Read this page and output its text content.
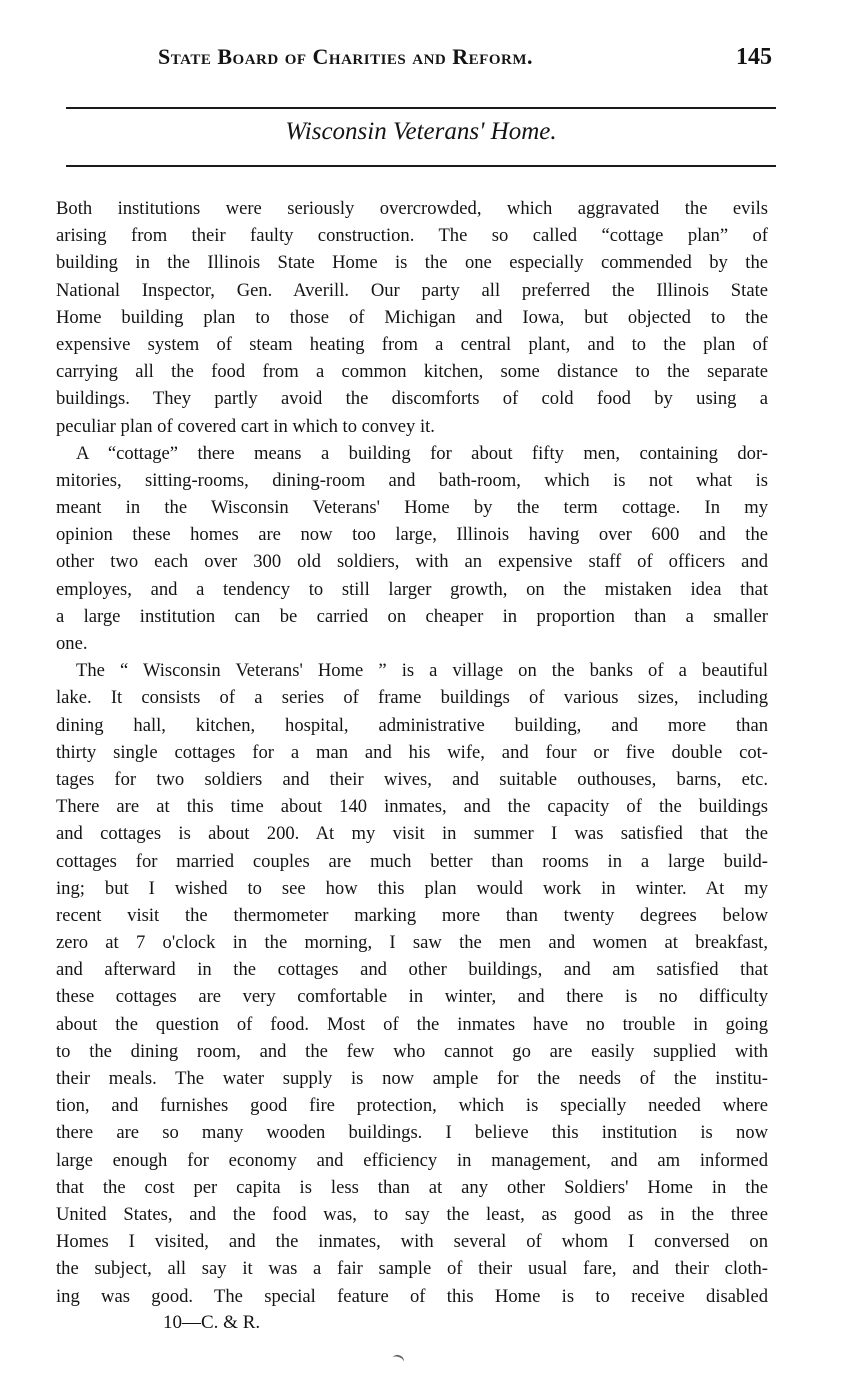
State Board of Charities and Reform.	145
Wisconsin Veterans' Home.
Both institutions were seriously overcrowded, which aggravated the evils
arising from their faulty construction. The so called “cottage plan” of
building in the Illinois State Home is the one especially commended by the
National Inspector, Gen. Averill. Our party all preferred the Illinois State
Home building plan to those of Michigan and Iowa, but objected to the
expensive system of steam heating from a central plant, and to the plan of
carrying all the food from a common kitchen, some distance to the separate
buildings. They partly avoid the discomforts of cold food by using a
peculiar plan of covered cart in which to convey it.
A “cottage” there means a building for about fifty men, containing dor-
mitories, sitting-rooms, dining-room and bath-room, which is not what is
meant in the Wisconsin Veterans' Home by the term cottage. In my
opinion these homes are now too large, Illinois having over 600 and the
other two each over 300 old soldiers, with an expensive staff of officers and
employes, and a tendency to still larger growth, on the mistaken idea that
a large institution can be carried on cheaper in proportion than a smaller
one.
The “ Wisconsin Veterans' Home ” is a village on the banks of a beautiful
lake. It consists of a series of frame buildings of various sizes, including
dining hall, kitchen, hospital, administrative building, and more than
thirty single cottages for a man and his wife, and four or five double cot-
tages for two soldiers and their wives, and suitable outhouses, barns, etc.
There are at this time about 140 inmates, and the capacity of the buildings
and cottages is about 200. At my visit in summer I was satisfied that the
cottages for married couples are much better than rooms in a large build-
ing; but I wished to see how this plan would work in winter. At my
recent visit the thermometer marking more than twenty degrees below
zero at 7 o'clock in the morning, I saw the men and women at breakfast,
and afterward in the cottages and other buildings, and am satisfied that
these cottages are very comfortable in winter, and there is no difficulty
about the question of food. Most of the inmates have no trouble in going
to the dining room, and the few who cannot go are easily supplied with
their meals. The water supply is now ample for the needs of the institu-
tion, and furnishes good fire protection, which is specially needed where
there are so many wooden buildings. I believe this institution is now
large enough for economy and efficiency in management, and am informed
that the cost per capita is less than at any other Soldiers' Home in the
United States, and the food was, to say the least, as good as in the three
Homes I visited, and the inmates, with several of whom I conversed on
the subject, all say it was a fair sample of their usual fare, and their cloth-
ing was good. The special feature of this Home is to receive disabled
10—C. & R.
